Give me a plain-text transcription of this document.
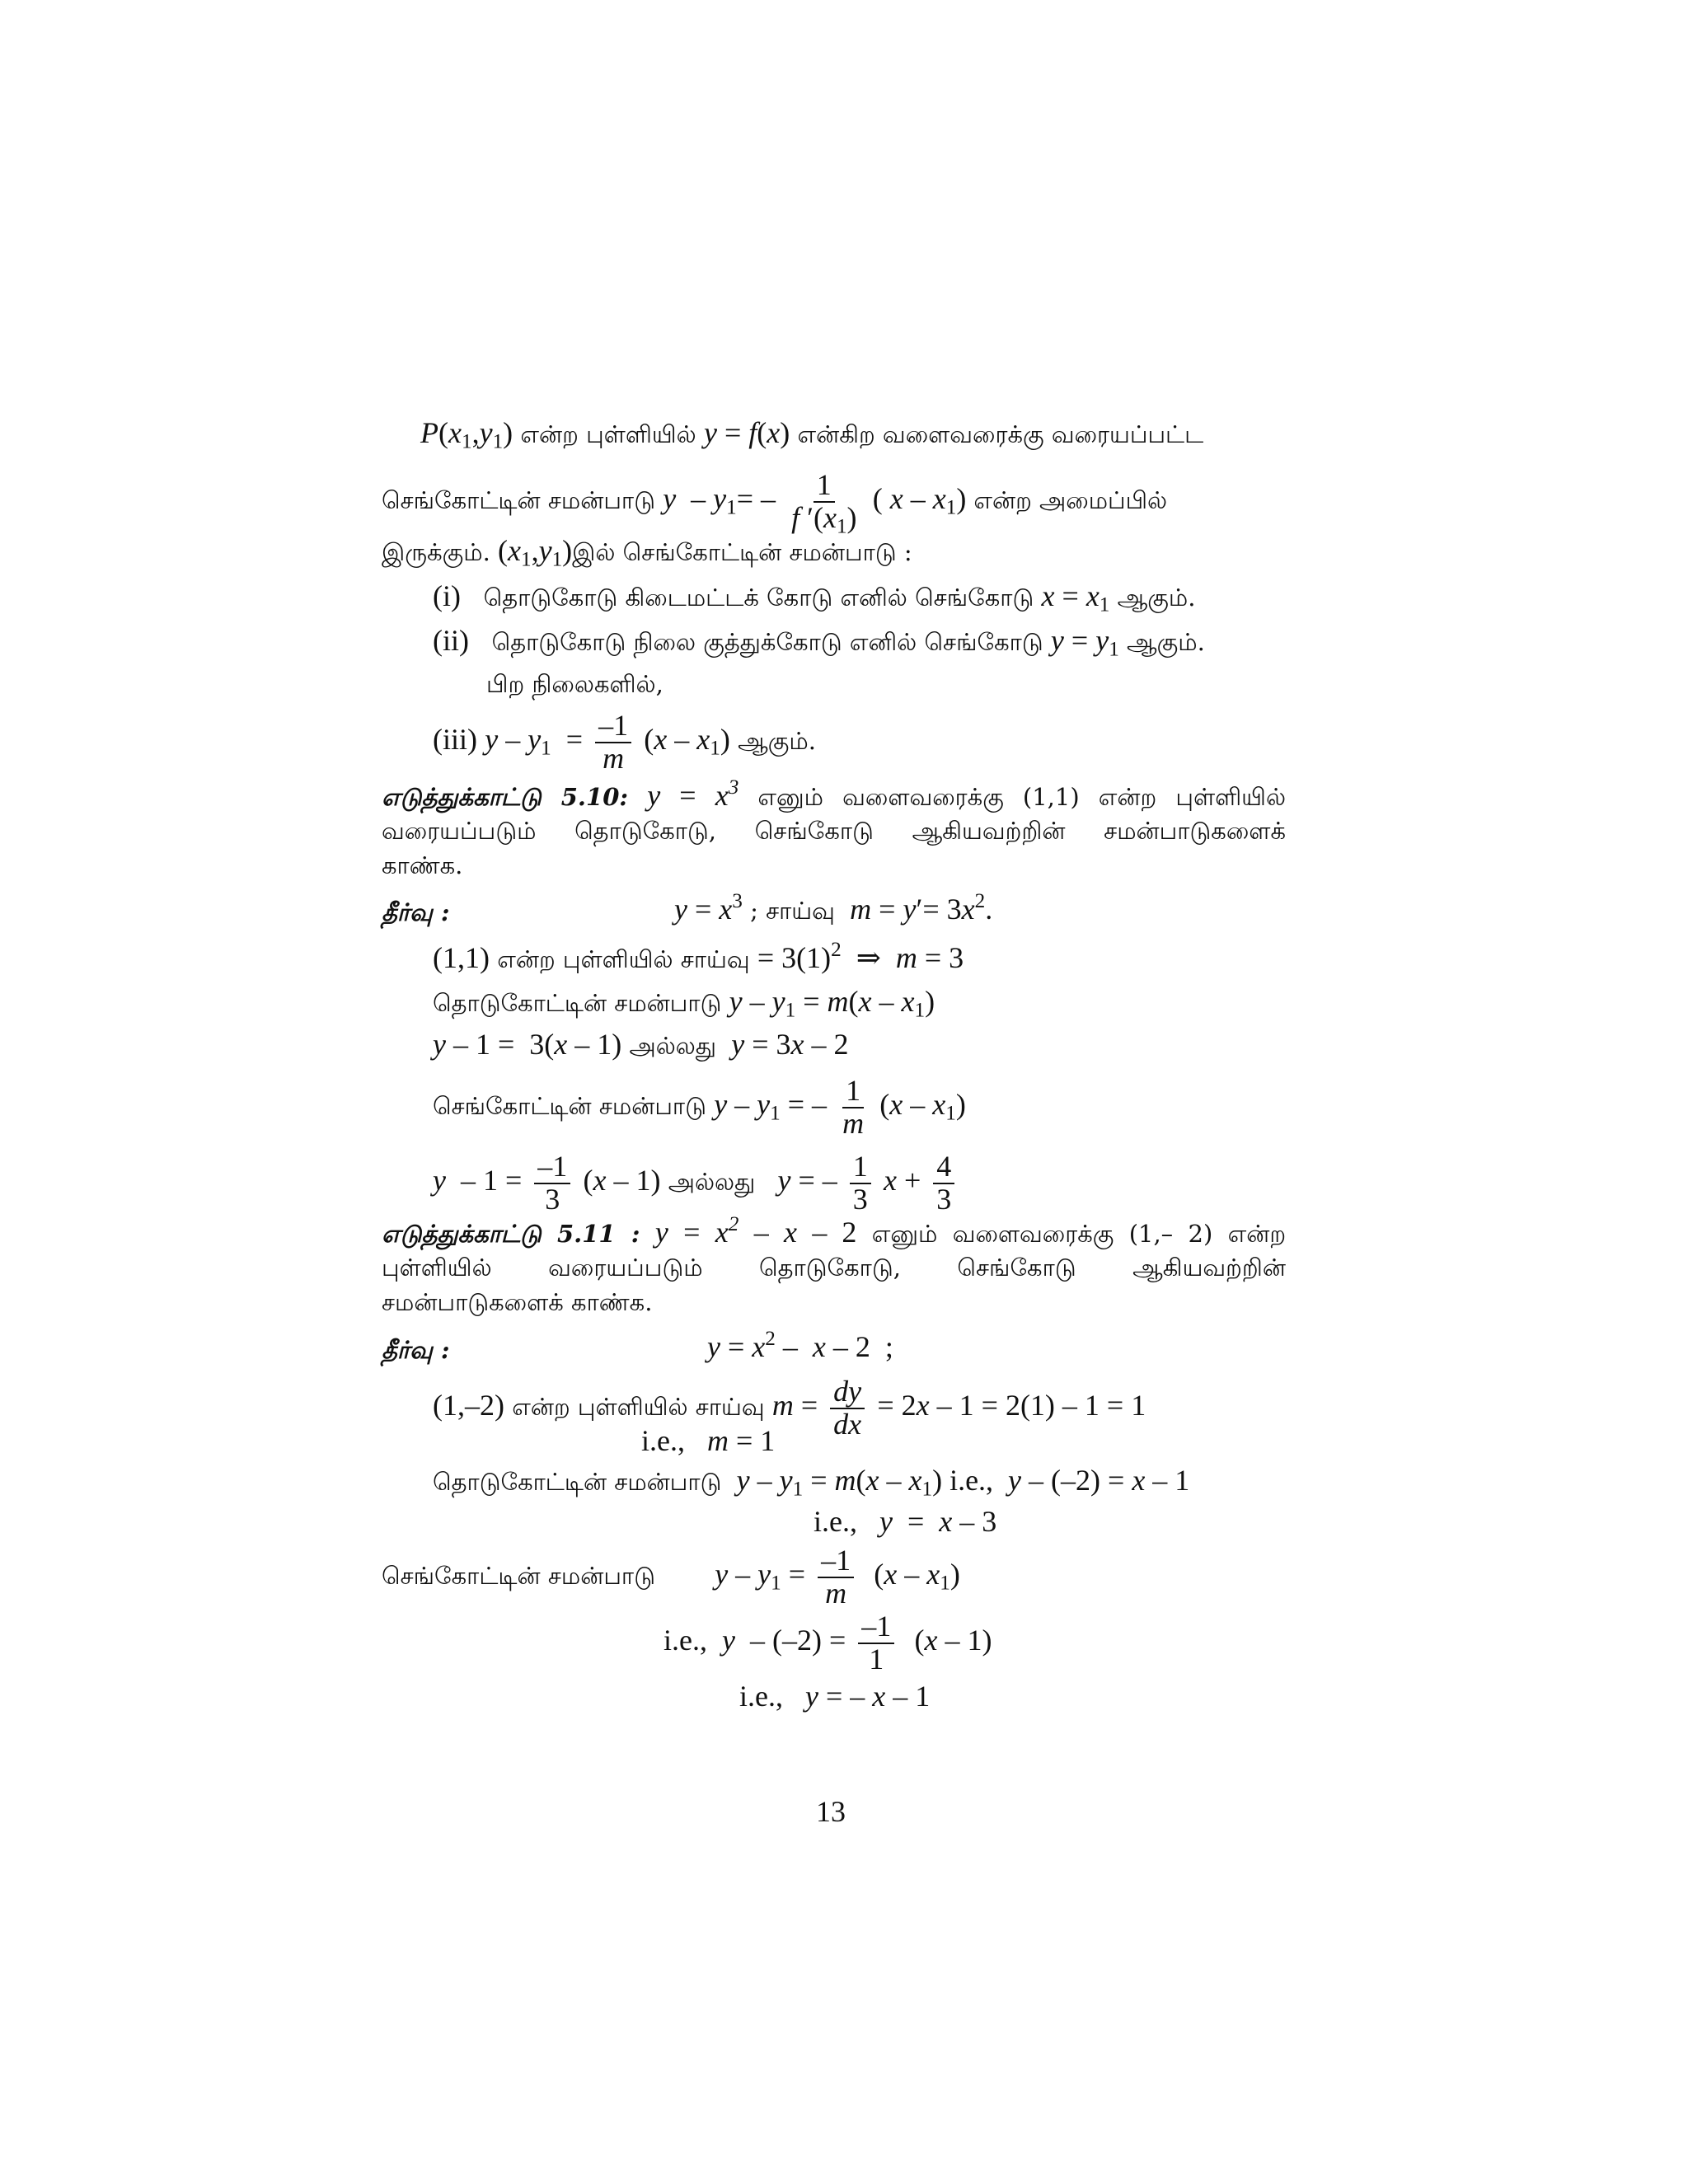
$P(x_1,y_1)$ என்ற புள்ளியில் y = f(x) என்கிற வளைவரைக்கு வரையப்பட்ட
செங்கோட்டின் சமன்பாடு $y - y_1= - \frac{1}{f '(x_1)}$ ( x – $x_1$) என்ற அமைப்பில்
இருக்கும். $(x_1,y_1)இல்$ செங்கோட்டின் சமன்பாடு :
(i) தொடுகோடு கிடைமட்டக் கோடு எனில் செங்கோடு $x = x_1$ ஆகும்.
(ii) தொடுகோடு நிலை குத்துக்கோடு எனில் செங்கோடு $y = y_1$ ஆகும்.
பிற நிலைகளில்,
(iii) $y - y_1 = \frac{-1}{m} (x - x_1)$ ஆகும்.
எடுத்துக்காட்டு 5.10: $y = x^3$ எனும் வளைவரைக்கு (1,1) என்ற புள்ளியில்
வரையப்படும் தொடுகோடு, செங்கோடு ஆகியவற்றின் சமன்பாடுகளைக்
காண்க.
தீர்வு :	$y = x^3$ ; சாய்வு $m = y'= 3x^2$.
(1,1) என்ற புள்ளியில் சாய்வு = $3(1)^2$  ⇒  m = 3
தொடுகோட்டின் சமன்பாடு $y - y_1 = m(x - x_1)$
y – 1 =  3(x – 1) அல்லது y = 3x – 2
செங்கோட்டின் சமன்பாடு y – $y_1$ = – $\frac{1}{m} (x - x_1)$
$y - 1 = \frac{-1}{3} (x - 1)$ அல்லது y = – $\frac{1}{3}$ $x + \frac{4}{3}$
எடுத்துக்காட்டு 5.11 : $y = x^2 - x - 2$ எனும் வளைவரைக்கு (1,– 2) என்ற
புள்ளியில் வரையப்படும் தொடுகோடு, செங்கோடு ஆகியவற்றின்
சமன்பாடுகளைக் காண்க.
தீர்வு :	$y = x^2 - x - 2$  ;
(1,–2) என்ற புள்ளியில் சாய்வு $m = \frac{dy}{dx} = 2x - 1 = 2(1) - 1 = 1$
i.e.,   m = 1
தொடுகோட்டின் சமன்பாடு $y - y_1 = m(x - x_1)$ i.e.,  y – (–2) = x – 1
i.e.,   y  =  x – 3
செங்கோட்டின் சமன்பாடு $y - y_1 = \frac{-1}{m} (x - x_1)$
i.e.,  $y - (-2) = \frac{-1}{1} (x - 1)$
i.e.,   y = – x – 1
13
